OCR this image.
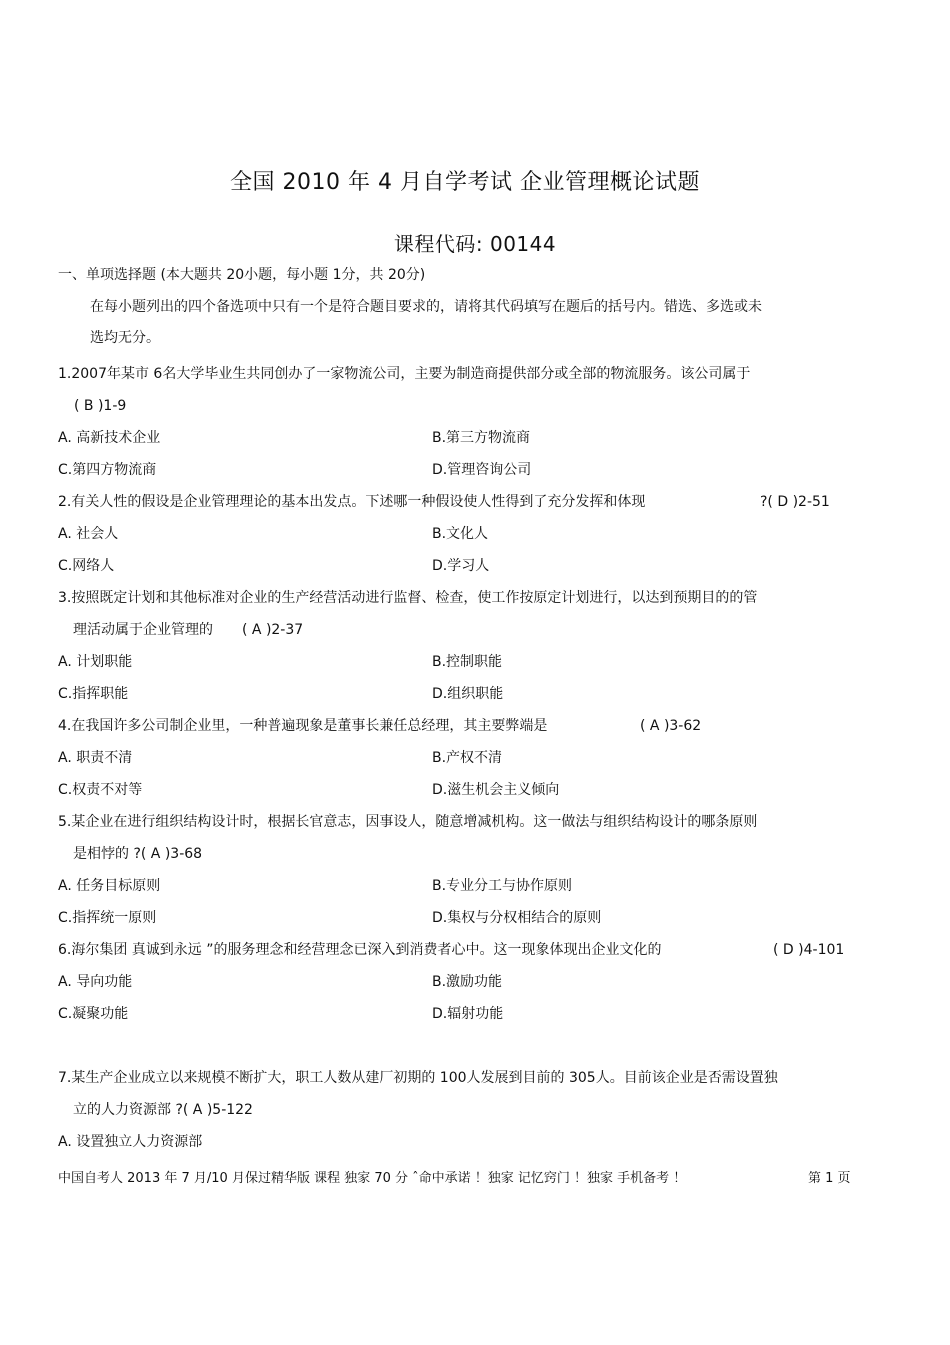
全国 2010 年 4 月自学考试 企业管理概论试题
课程代码: 00144
一、单项选择题 (本大题共 20小题，每小题 1分，共 20分)
在每小题列出的四个备选项中只有一个是符合题目要求的，请将其代码填写在题后的括号内。错选、多选或未
选均无分。
1.2007年某市 6名大学毕业生共同创办了一家物流公司，主要为制造商提供部分或全部的物流服务。该公司属于
( B )1-9
A. 高新技术企业	B.第三方物流商
C.第四方物流商	D.管理咨询公司
2.有关人性的假设是企业管理理论的基本出发点。下述哪一种假设使人性得到了充分发挥和体现	?( D )2-51
A. 社会人	B.文化人
C.网络人	D.学习人
3.按照既定计划和其他标准对企业的生产经营活动进行监督、检查，使工作按原定计划进行，以达到预期目的的管
理活动属于企业管理的 ( A )2-37
A. 计划职能	B.控制职能
C.指挥职能	D.组织职能
4.在我国许多公司制企业里，一种普遍现象是董事长兼任总经理，其主要弊端是	( A )3-62
A. 职责不清	B.产权不清
C.权责不对等	D.滋生机会主义倾向
5.某企业在进行组织结构设计时，根据长官意志，因事设人，随意增减机构。这一做法与组织结构设计的哪条原则
是相悖的 ?( A )3-68
A. 任务目标原则	B.专业分工与协作原则
C.指挥统一原则	D.集权与分权相结合的原则
6.海尔集团 真诚到永远 ”的服务理念和经营理念已深入到消费者心中。这一现象体现出企业文化的	( D )4-101
A. 导向功能	B.激励功能
C.凝聚功能	D.辐射功能
7.某生产企业成立以来规模不断扩大，职工人数从建厂初期的 100人发展到目前的 305人。目前该企业是否需设置独
立的人力资源部 ?( A )5-122
A. 设置独立人力资源部
中国自考人 2013 年 7 月/10 月保过精华版 课程 独家 70 分 ˆ命中承诺 ！独家 记忆窍门 ！独家 手机备考 ！	第 1 页
